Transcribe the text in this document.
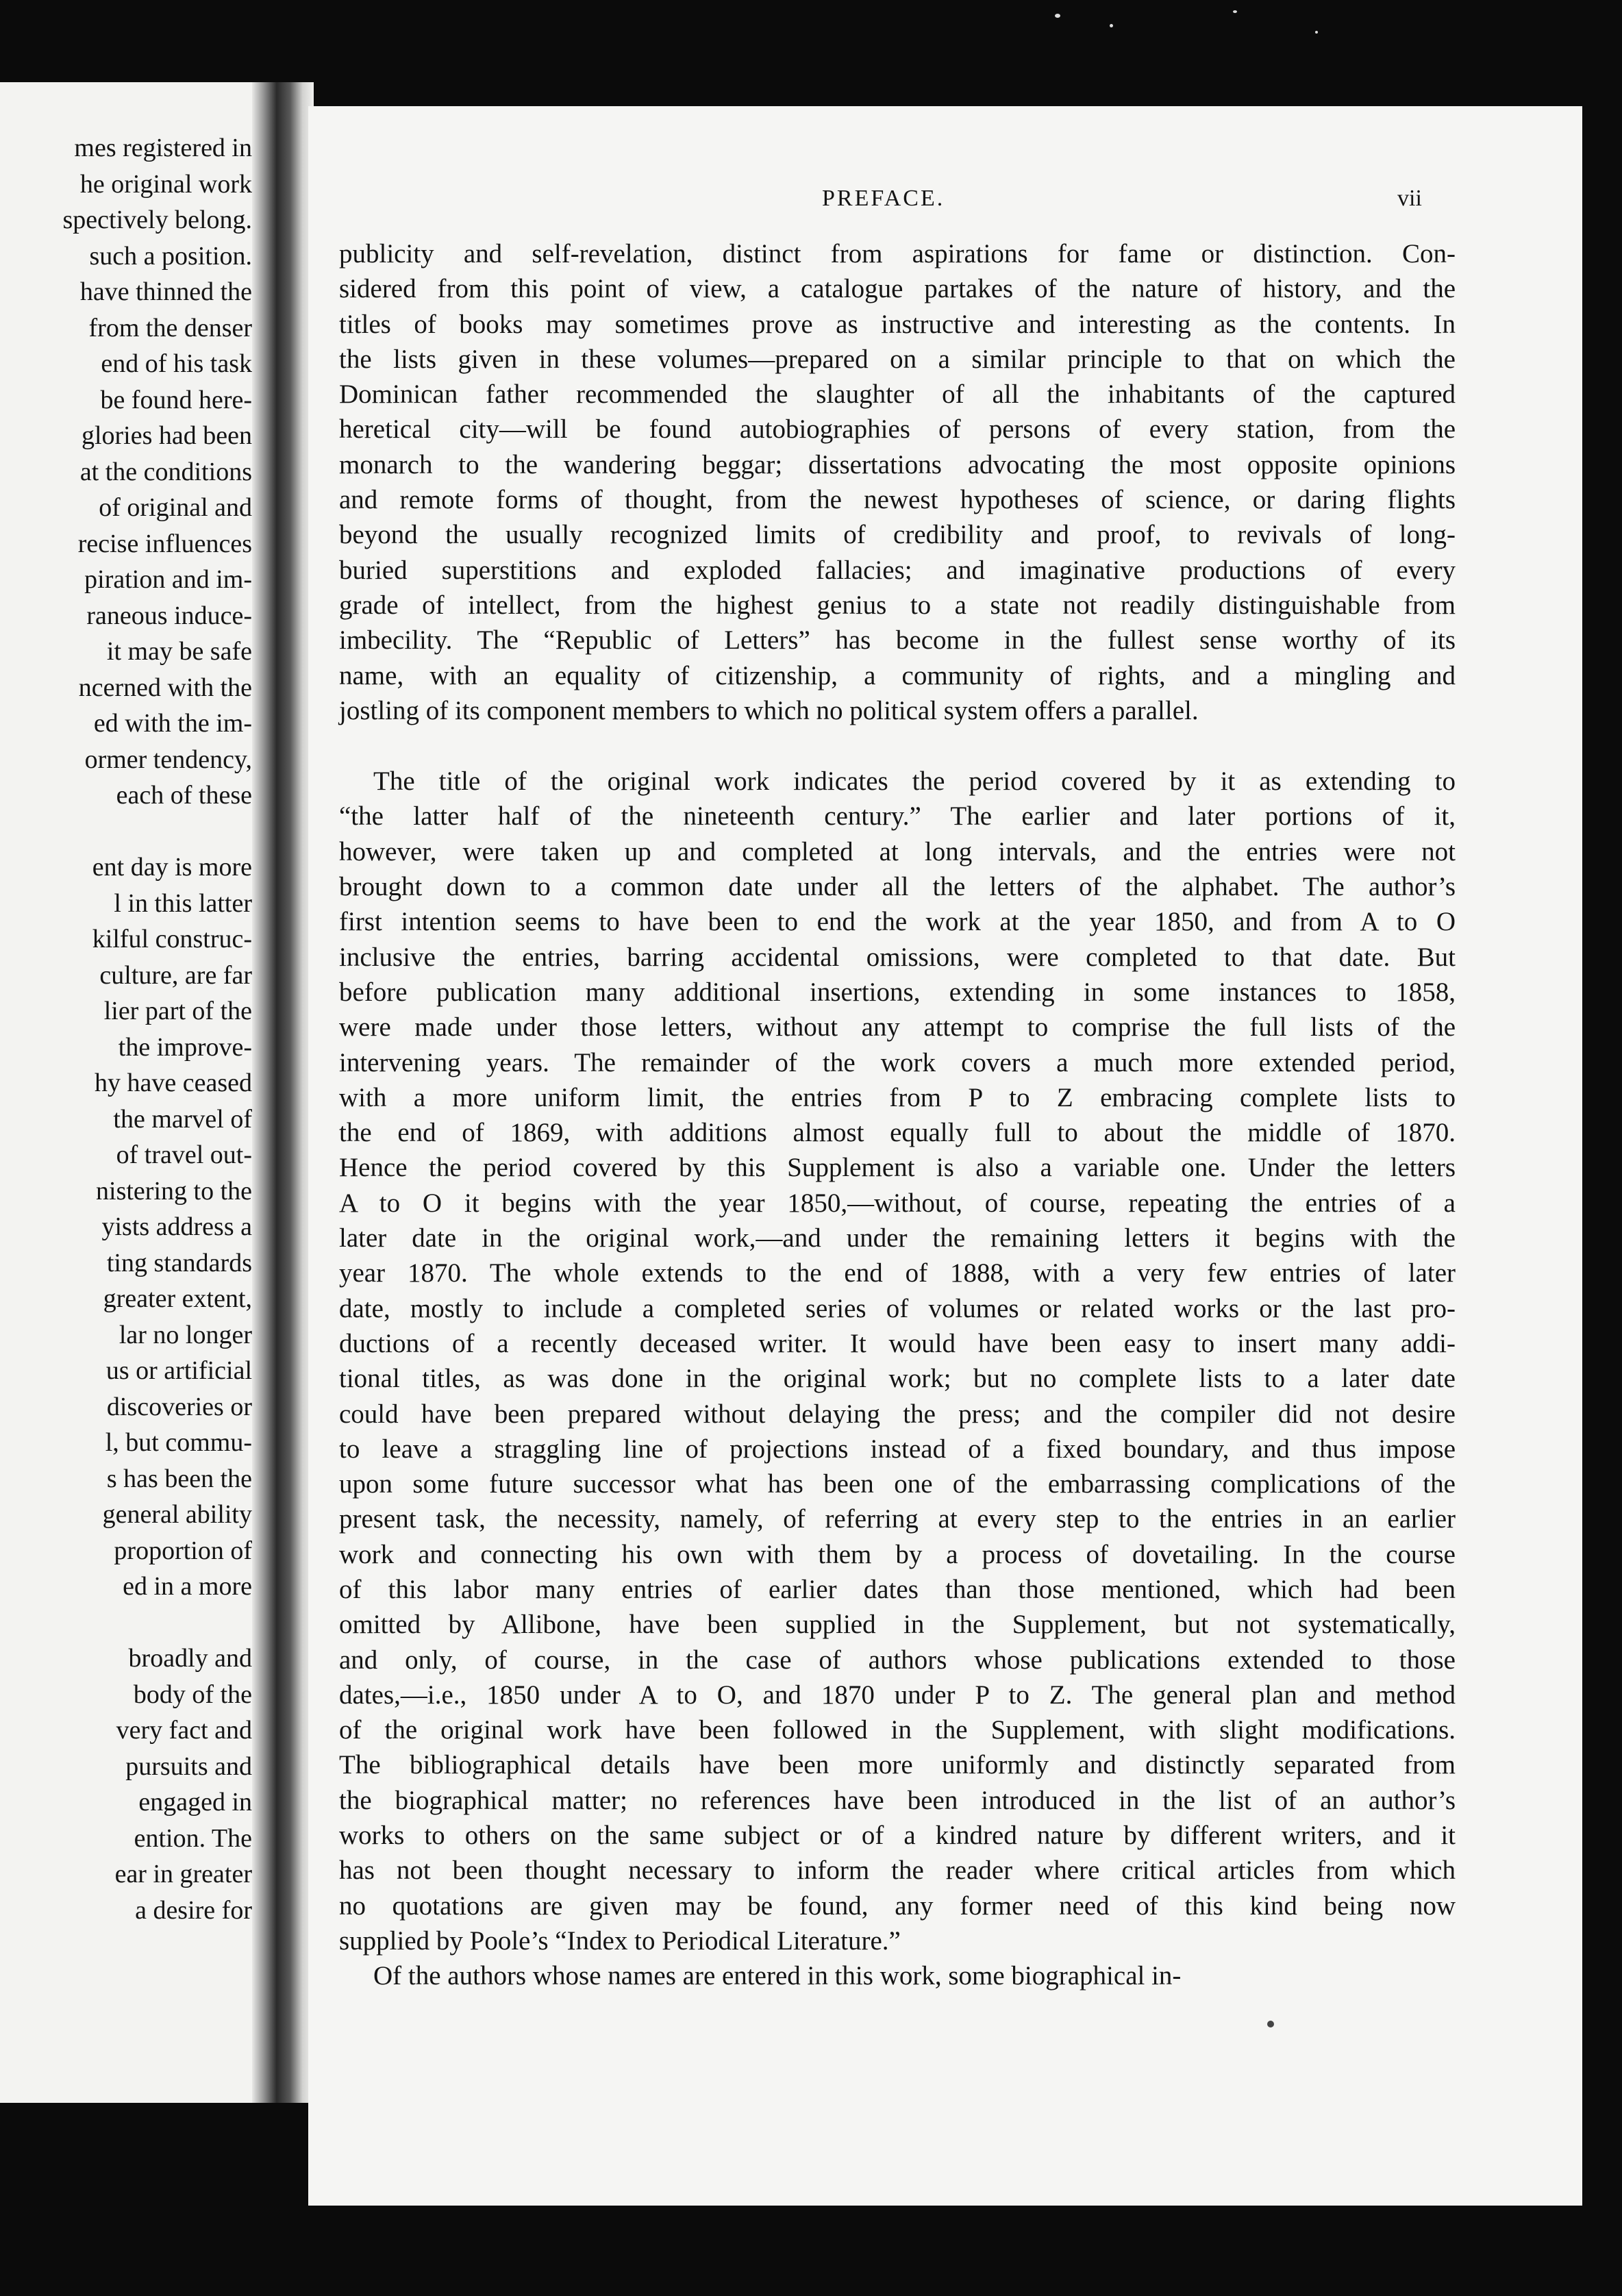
mes registered in
he original work
spectively belong.
such a position.
have thinned the
from the denser
end of his task
be found here-
glories had been
at the conditions
of original and
recise influences
piration and im-
raneous induce-
it may be safe
ncerned with the
ed with the im-
ormer tendency,
each of these
ent day is more
l in this latter
kilful construc-
culture, are far
lier part of the
the improve-
hy have ceased
the marvel of
of travel out-
nistering to the
yists address a
ting standards
greater extent,
lar no longer
us or artificial
discoveries or
l, but commu-
s has been the
general ability
proportion of
ed in a more
broadly and
body of the
very fact and
pursuits and
engaged in
ention. The
ear in greater
a desire for
PREFACE.	vii
publicity and self-revelation, distinct from aspirations for fame or distinction. Con-
sidered from this point of view, a catalogue partakes of the nature of history, and the
titles of books may sometimes prove as instructive and interesting as the contents. In
the lists given in these volumes—prepared on a similar principle to that on which the
Dominican father recommended the slaughter of all the inhabitants of the captured
heretical city—will be found autobiographies of persons of every station, from the
monarch to the wandering beggar; dissertations advocating the most opposite opinions
and remote forms of thought, from the newest hypotheses of science, or daring flights
beyond the usually recognized limits of credibility and proof, to revivals of long-
buried superstitions and exploded fallacies; and imaginative productions of every
grade of intellect, from the highest genius to a state not readily distinguishable from
imbecility. The “Republic of Letters” has become in the fullest sense worthy of its
name, with an equality of citizenship, a community of rights, and a mingling and
jostling of its component members to which no political system offers a parallel.
The title of the original work indicates the period covered by it as extending to
“the latter half of the nineteenth century.” The earlier and later portions of it,
however, were taken up and completed at long intervals, and the entries were not
brought down to a common date under all the letters of the alphabet. The author’s
first intention seems to have been to end the work at the year 1850, and from A to O
inclusive the entries, barring accidental omissions, were completed to that date. But
before publication many additional insertions, extending in some instances to 1858,
were made under those letters, without any attempt to comprise the full lists of the
intervening years. The remainder of the work covers a much more extended period,
with a more uniform limit, the entries from P to Z embracing complete lists to
the end of 1869, with additions almost equally full to about the middle of 1870.
Hence the period covered by this Supplement is also a variable one. Under the letters
A to O it begins with the year 1850,—without, of course, repeating the entries of a
later date in the original work,—and under the remaining letters it begins with the
year 1870. The whole extends to the end of 1888, with a very few entries of later
date, mostly to include a completed series of volumes or related works or the last pro-
ductions of a recently deceased writer. It would have been easy to insert many addi-
tional titles, as was done in the original work; but no complete lists to a later date
could have been prepared without delaying the press; and the compiler did not desire
to leave a straggling line of projections instead of a fixed boundary, and thus impose
upon some future successor what has been one of the embarrassing complications of the
present task, the necessity, namely, of referring at every step to the entries in an earlier
work and connecting his own with them by a process of dovetailing. In the course
of this labor many entries of earlier dates than those mentioned, which had been
omitted by Allibone, have been supplied in the Supplement, but not systematically,
and only, of course, in the case of authors whose publications extended to those
dates,—i.e., 1850 under A to O, and 1870 under P to Z. The general plan and method
of the original work have been followed in the Supplement, with slight modifications.
The bibliographical details have been more uniformly and distinctly separated from
the biographical matter; no references have been introduced in the list of an author’s
works to others on the same subject or of a kindred nature by different writers, and it
has not been thought necessary to inform the reader where critical articles from which
no quotations are given may be found, any former need of this kind being now
supplied by Poole’s “Index to Periodical Literature.”
Of the authors whose names are entered in this work, some biographical in-
